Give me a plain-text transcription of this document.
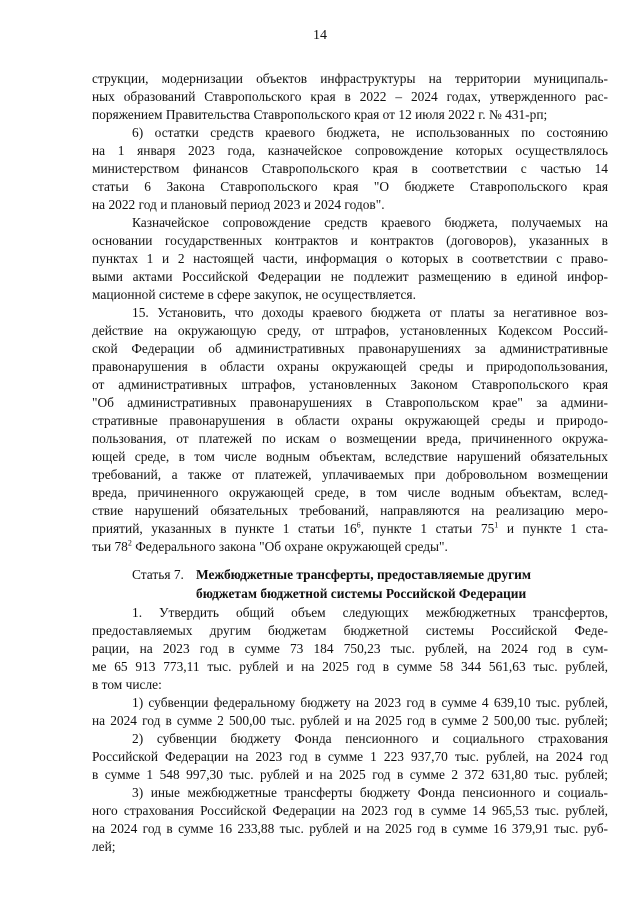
14
струкции, модернизации объектов инфраструктуры на территории муниципаль-
ных образований Ставропольского края в 2022 – 2024 годах, утвержденного рас-
поряжением Правительства Ставропольского края от 12 июля 2022 г. № 431-рп;
6) остатки средств краевого бюджета, не использованных по состоянию
на 1 января 2023 года, казначейское сопровождение которых осуществлялось
министерством финансов Ставропольского края в соответствии с частью 14
статьи 6 Закона Ставропольского края "О бюджете Ставропольского края
на 2022 год и плановый период 2023 и 2024 годов".
Казначейское сопровождение средств краевого бюджета, получаемых на
основании государственных контрактов и контрактов (договоров), указанных в
пунктах 1 и 2 настоящей части, информация о которых в соответствии с право-
выми актами Российской Федерации не подлежит размещению в единой инфор-
мационной системе в сфере закупок, не осуществляется.
15. Установить, что доходы краевого бюджета от платы за негативное воз-
действие на окружающую среду, от штрафов, установленных Кодексом Россий-
ской Федерации об административных правонарушениях за административные
правонарушения в области охраны окружающей среды и природопользования,
от административных штрафов, установленных Законом Ставропольского края
"Об административных правонарушениях в Ставропольском крае" за админи-
стративные правонарушения в области охраны окружающей среды и природо-
пользования, от платежей по искам о возмещении вреда, причиненного окружа-
ющей среде, в том числе водным объектам, вследствие нарушений обязательных
требований, а также от платежей, уплачиваемых при добровольном возмещении
вреда, причиненного окружающей среде, в том числе водным объектам, вслед-
ствие нарушений обязательных требований, направляются на реализацию меро-
приятий, указанных в пункте 1 статьи $16^6$, пункте 1 статьи $75^1$ и пункте 1 ста-
тьи $78^2$ Федерального закона "Об охране окружающей среды".
Статья 7. Межбюджетные трансферты, предоставляемые другим
бюджетам бюджетной системы Российской Федерации
1. Утвердить общий объем следующих межбюджетных трансфертов,
предоставляемых другим бюджетам бюджетной системы Российской Феде-
рации, на 2023 год в сумме 73 184 750,23 тыс. рублей, на 2024 год в сум-
ме 65 913 773,11 тыс. рублей и на 2025 год в сумме 58 344 561,63 тыс. рублей,
в том числе:
1) субвенции федеральному бюджету на 2023 год в сумме 4 639,10 тыс. рублей,
на 2024 год в сумме 2 500,00 тыс. рублей и на 2025 год в сумме 2 500,00 тыс. рублей;
2) субвенции бюджету Фонда пенсионного и социального страхования
Российской Федерации на 2023 год в сумме 1 223 937,70 тыс. рублей, на 2024 год
в сумме 1 548 997,30 тыс. рублей и на 2025 год в сумме 2 372 631,80 тыс. рублей;
3) иные межбюджетные трансферты бюджету Фонда пенсионного и социаль-
ного страхования Российской Федерации на 2023 год в сумме 14 965,53 тыс. рублей,
на 2024 год в сумме 16 233,88 тыс. рублей и на 2025 год в сумме 16 379,91 тыс. руб-
лей;
